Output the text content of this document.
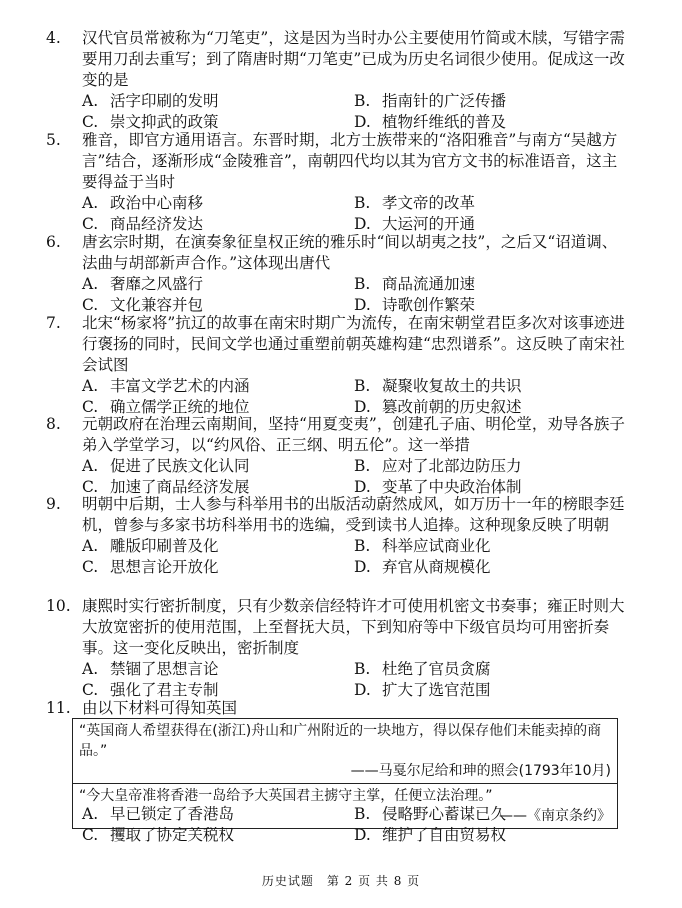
4.	汉代官员常被称为“刀笔吏”，这是因为当时办公主要使用竹简或木牍，写错字需要用刀刮去重写；到了隋唐时期“刀笔吏”已成为历史名词很少使用。促成这一改变的是
A. 活字印刷的发明	B. 指南针的广泛传播
C. 崇文抑武的政策	D. 植物纤维纸的普及
5.	雅音，即官方通用语言。东晋时期，北方士族带来的“洛阳雅音”与南方“吴越方言”结合，逐渐形成“金陵雅音”，南朝四代均以其为官方文书的标准语音，这主要得益于当时
A. 政治中心南移	B. 孝文帝的改革
C. 商品经济发达	D. 大运河的开通
6.	唐玄宗时期，在演奏象征皇权正统的雅乐时“间以胡夷之技”，之后又“诏道调、法曲与胡部新声合作。”这体现出唐代
A. 奢靡之风盛行	B. 商品流通加速
C. 文化兼容并包	D. 诗歌创作繁荣
7.	北宋“杨家将”抗辽的故事在南宋时期广为流传，在南宋朝堂君臣多次对该事迹进行褒扬的同时，民间文学也通过重塑前朝英雄构建“忠烈谱系”。这反映了南宋社会试图
A. 丰富文学艺术的内涵	B. 凝聚收复故土的共识
C. 确立儒学正统的地位	D. 篡改前朝的历史叙述
8.	元朝政府在治理云南期间，坚持“用夏变夷”，创建孔子庙、明伦堂，劝导各族子弟入学堂学习，以“约风俗、正三纲、明五伦”。这一举措
A. 促进了民族文化认同	B. 应对了北部边防压力
C. 加速了商品经济发展	D. 变革了中央政治体制
9.	明朝中后期，士人参与科举用书的出版活动蔚然成风，如万历十一年的榜眼李廷机，曾参与多家书坊科举用书的选编，受到读书人追捧。这种现象反映了明朝
A. 雕版印刷普及化	B. 科举应试商业化
C. 思想言论开放化	D. 弃官从商规模化
10. 康熙时实行密折制度，只有少数亲信经特许才可使用机密文书奏事；雍正时则大大放宽密折的使用范围，上至督抚大员，下到知府等中下级官员均可用密折奏事。这一变化反映出，密折制度
A. 禁锢了思想言论	B. 杜绝了官员贪腐
C. 强化了君主专制	D. 扩大了选官范围
11. 由以下材料可得知英国
“英国商人希望获得在(浙江)舟山和广州附近的一块地方，得以保存他们未能卖掉的商品。”
——马戛尔尼给和珅的照会(1793年10月)

“今大皇帝准将香港一岛给予大英国君主掳守主掌，任便立法治理。”
——《南京条约》
A. 早已锁定了香港岛	B. 侵略野心蓄谋已久
C. 攫取了协定关税权	D. 维护了自由贸易权
历史试题　第 2 页 共 8 页
